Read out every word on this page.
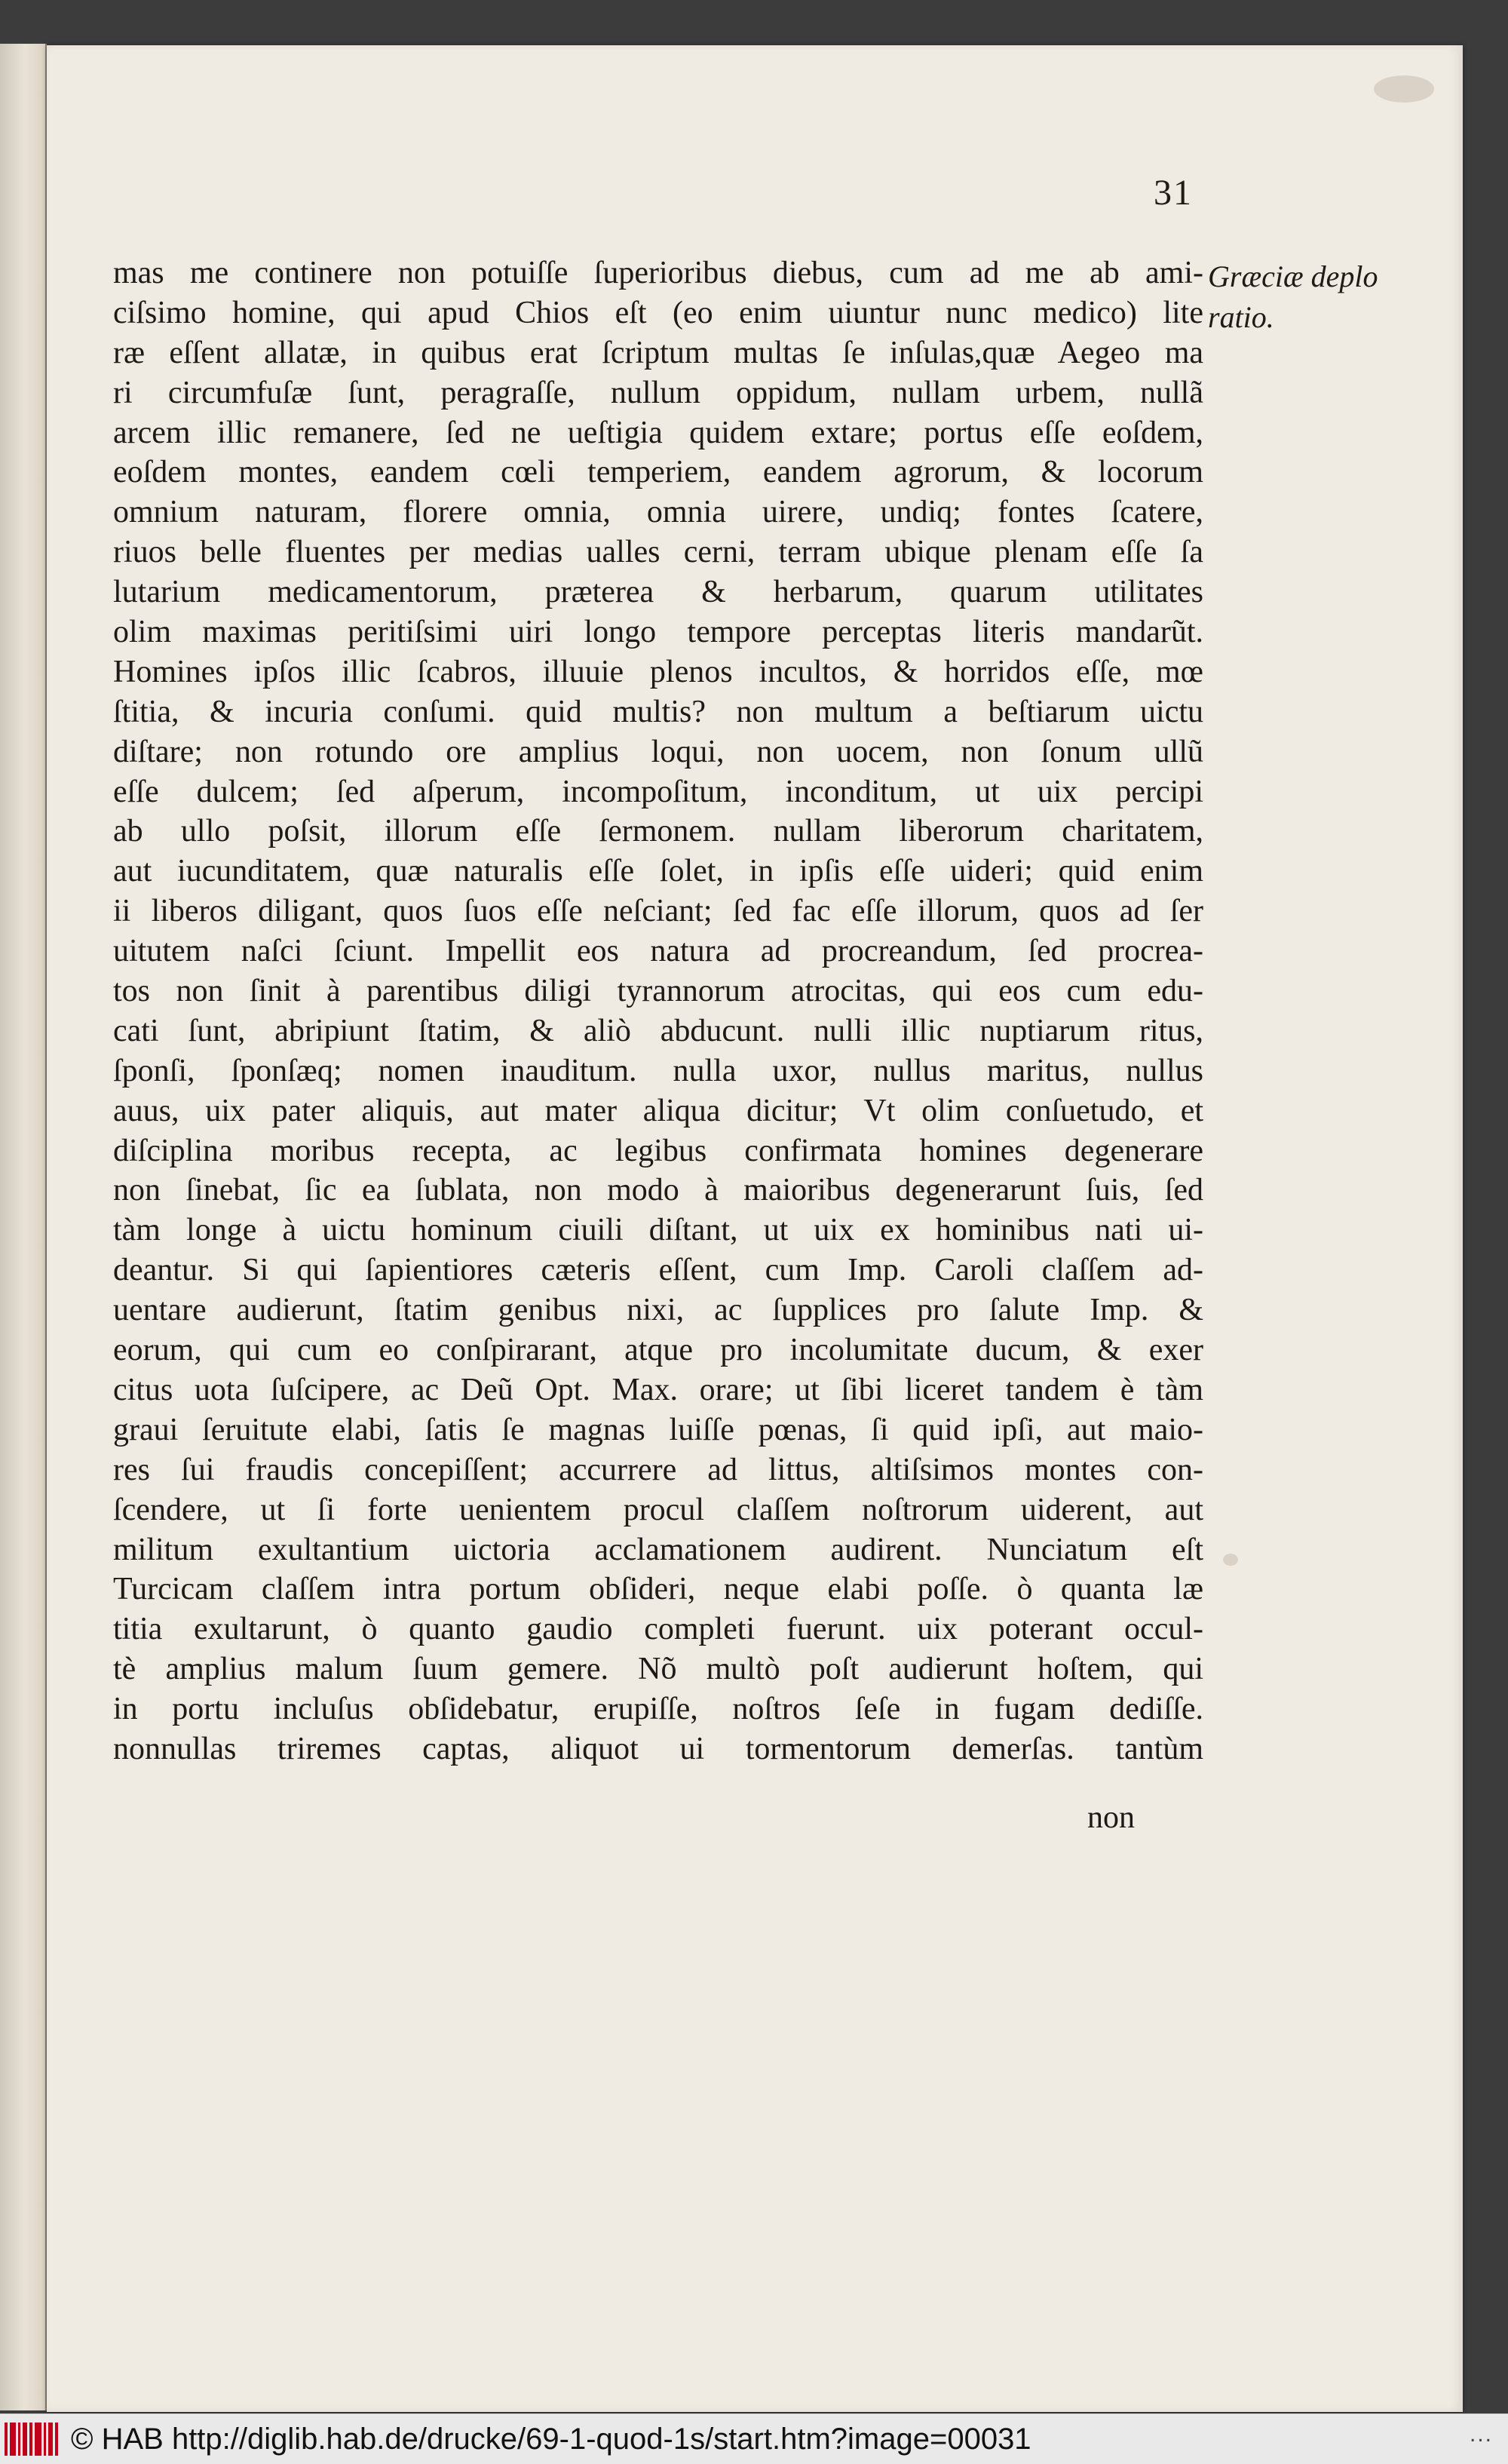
31
Græciæ deplo
ratio.
mas me continere non potuiſſe ſuperioribus diebus, cum ad me ab ami-
ciſsimo homine, qui apud Chios eſt (eo enim uiuntur nunc medico) lite
ræ eſſent allatæ, in quibus erat ſcriptum multas ſe inſulas,quæ Aegeo ma
ri circumfuſæ ſunt, peragraſſe, nullum oppidum, nullam urbem, nullã
arcem illic remanere, ſed ne ueſtigia quidem extare; portus eſſe eoſdem,
eoſdem montes, eandem cœli temperiem, eandem agrorum, & locorum
omnium naturam, florere omnia, omnia uirere, undiq; fontes ſcatere,
riuos belle fluentes per medias ualles cerni, terram ubique plenam eſſe ſa
lutarium medicamentorum, præterea & herbarum, quarum utilitates
olim maximas peritiſsimi uiri longo tempore perceptas literis mandarũt.
Homines ipſos illic ſcabros, illuuie plenos incultos, & horridos eſſe, mœ
ſtitia, & incuria conſumi. quid multis? non multum a beſtiarum uictu
diſtare; non rotundo ore amplius loqui, non uocem, non ſonum ullũ
eſſe dulcem; ſed aſperum, incompoſitum, inconditum, ut uix percipi
ab ullo poſsit, illorum eſſe ſermonem. nullam liberorum charitatem,
aut iucunditatem, quæ naturalis eſſe ſolet, in ipſis eſſe uideri; quid enim
ii liberos diligant, quos ſuos eſſe neſciant; ſed fac eſſe illorum, quos ad ſer
uitutem naſci ſciunt. Impellit eos natura ad procreandum, ſed procrea-
tos non ſinit à parentibus diligi tyrannorum atrocitas, qui eos cum edu-
cati ſunt, abripiunt ſtatim, & aliò abducunt. nulli illic nuptiarum ritus,
ſponſi, ſponſæq; nomen inauditum. nulla uxor, nullus maritus, nullus
auus, uix pater aliquis, aut mater aliqua dicitur; Vt olim conſuetudo, et
diſciplina moribus recepta, ac legibus confirmata homines degenerare
non ſinebat, ſic ea ſublata, non modo à maioribus degenerarunt ſuis, ſed
tàm longe à uictu hominum ciuili diſtant, ut uix ex hominibus nati ui-
deantur. Si qui ſapientiores cæteris eſſent, cum Imp. Caroli claſſem ad-
uentare audierunt, ſtatim genibus nixi, ac ſupplices pro ſalute Imp. &
eorum, qui cum eo conſpirarant, atque pro incolumitate ducum, & exer
citus uota ſuſcipere, ac Deũ Opt. Max. orare; ut ſibi liceret tandem è tàm
graui ſeruitute elabi, ſatis ſe magnas luiſſe pœnas, ſi quid ipſi, aut maio-
res ſui fraudis concepiſſent; accurrere ad littus, altiſsimos montes con-
ſcendere, ut ſi forte uenientem procul claſſem noſtrorum uiderent, aut
militum exultantium uictoria acclamationem audirent. Nunciatum eſt
Turcicam claſſem intra portum obſideri, neque elabi poſſe. ò quanta læ
titia exultarunt, ò quanto gaudio completi fuerunt. uix poterant occul-
tè amplius malum ſuum gemere. Nõ multò poſt audierunt hoſtem, qui
in portu incluſus obſidebatur, erupiſſe, noſtros ſeſe in fugam dediſſe.
nonnullas triremes captas, aliquot ui tormentorum demerſas. tantùm
non
© HAB http://diglib.hab.de/drucke/69-1-quod-1s/start.htm?image=00031	...
